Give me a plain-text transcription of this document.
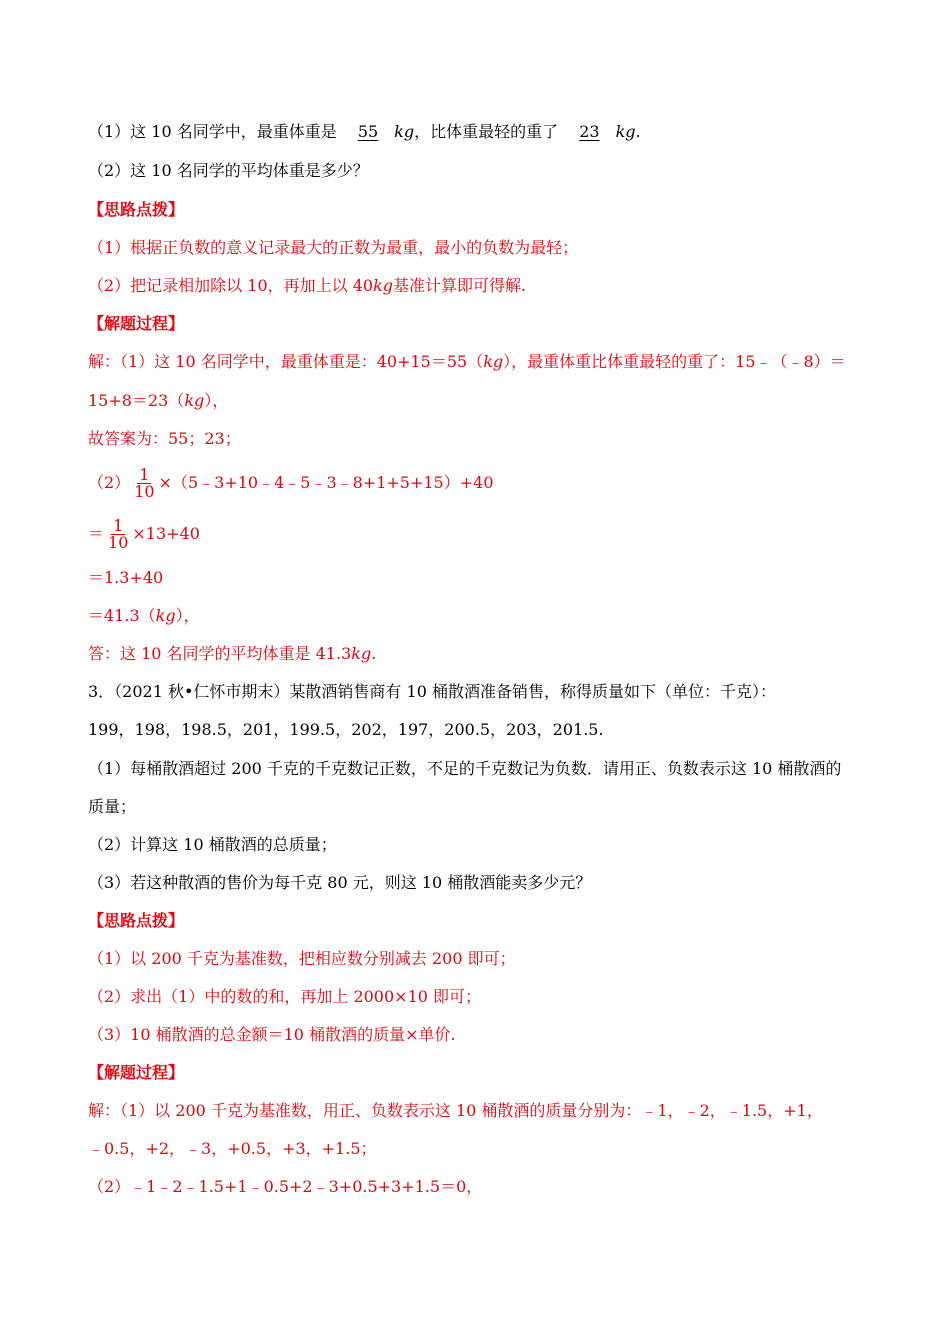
（1）这 10 名同学中，最重体重是 55 kg，比体重最轻的重了 23 kg.
（2）这 10 名同学的平均体重是多少？
【思路点拨】
（1）根据正负数的意义记录最大的正数为最重，最小的负数为最轻；
（2）把记录相加除以 10，再加上以 40kg基准计算即可得解.
【解题过程】
解：（1）这 10 名同学中，最重体重是：40+15＝55（kg），最重体重比体重最轻的重了：15﹣（﹣8）＝
15+8＝23（kg），
故答案为：55；23；
$(2) \frac{1}{10}$ ×（5﹣3+10﹣4﹣5﹣3﹣8+1+5+15）+40
＝ $\frac{1}{10} \times 13+40$
＝1.3+40
＝41.3（kg），
答：这 10 名同学的平均体重是 41.3kg.
3．（2021 秋•仁怀市期末）某散酒销售商有 10 桶散酒准备销售，称得质量如下（单位：千克）：
199，198，198.5，201，199.5，202，197，200.5，203，201.5.
（1）每桶散酒超过 200 千克的千克数记正数，不足的千克数记为负数．请用正、负数表示这 10 桶散酒的
质量；
（2）计算这 10 桶散酒的总质量；
（3）若这种散酒的售价为每千克 80 元，则这 10 桶散酒能卖多少元？
【思路点拨】
（1）以 200 千克为基准数，把相应数分别减去 200 即可；
（2）求出（1）中的数的和，再加上 2000×10 即可；
（3）10 桶散酒的总金额＝10 桶散酒的质量×单价.
【解题过程】
解：（1）以 200 千克为基准数，用正、负数表示这 10 桶散酒的质量分别为：﹣1，﹣2，﹣1.5，+1，
﹣0.5，+2，﹣3，+0.5，+3，+1.5；
（2）﹣1﹣2﹣1.5+1﹣0.5+2﹣3+0.5+3+1.5＝0，
